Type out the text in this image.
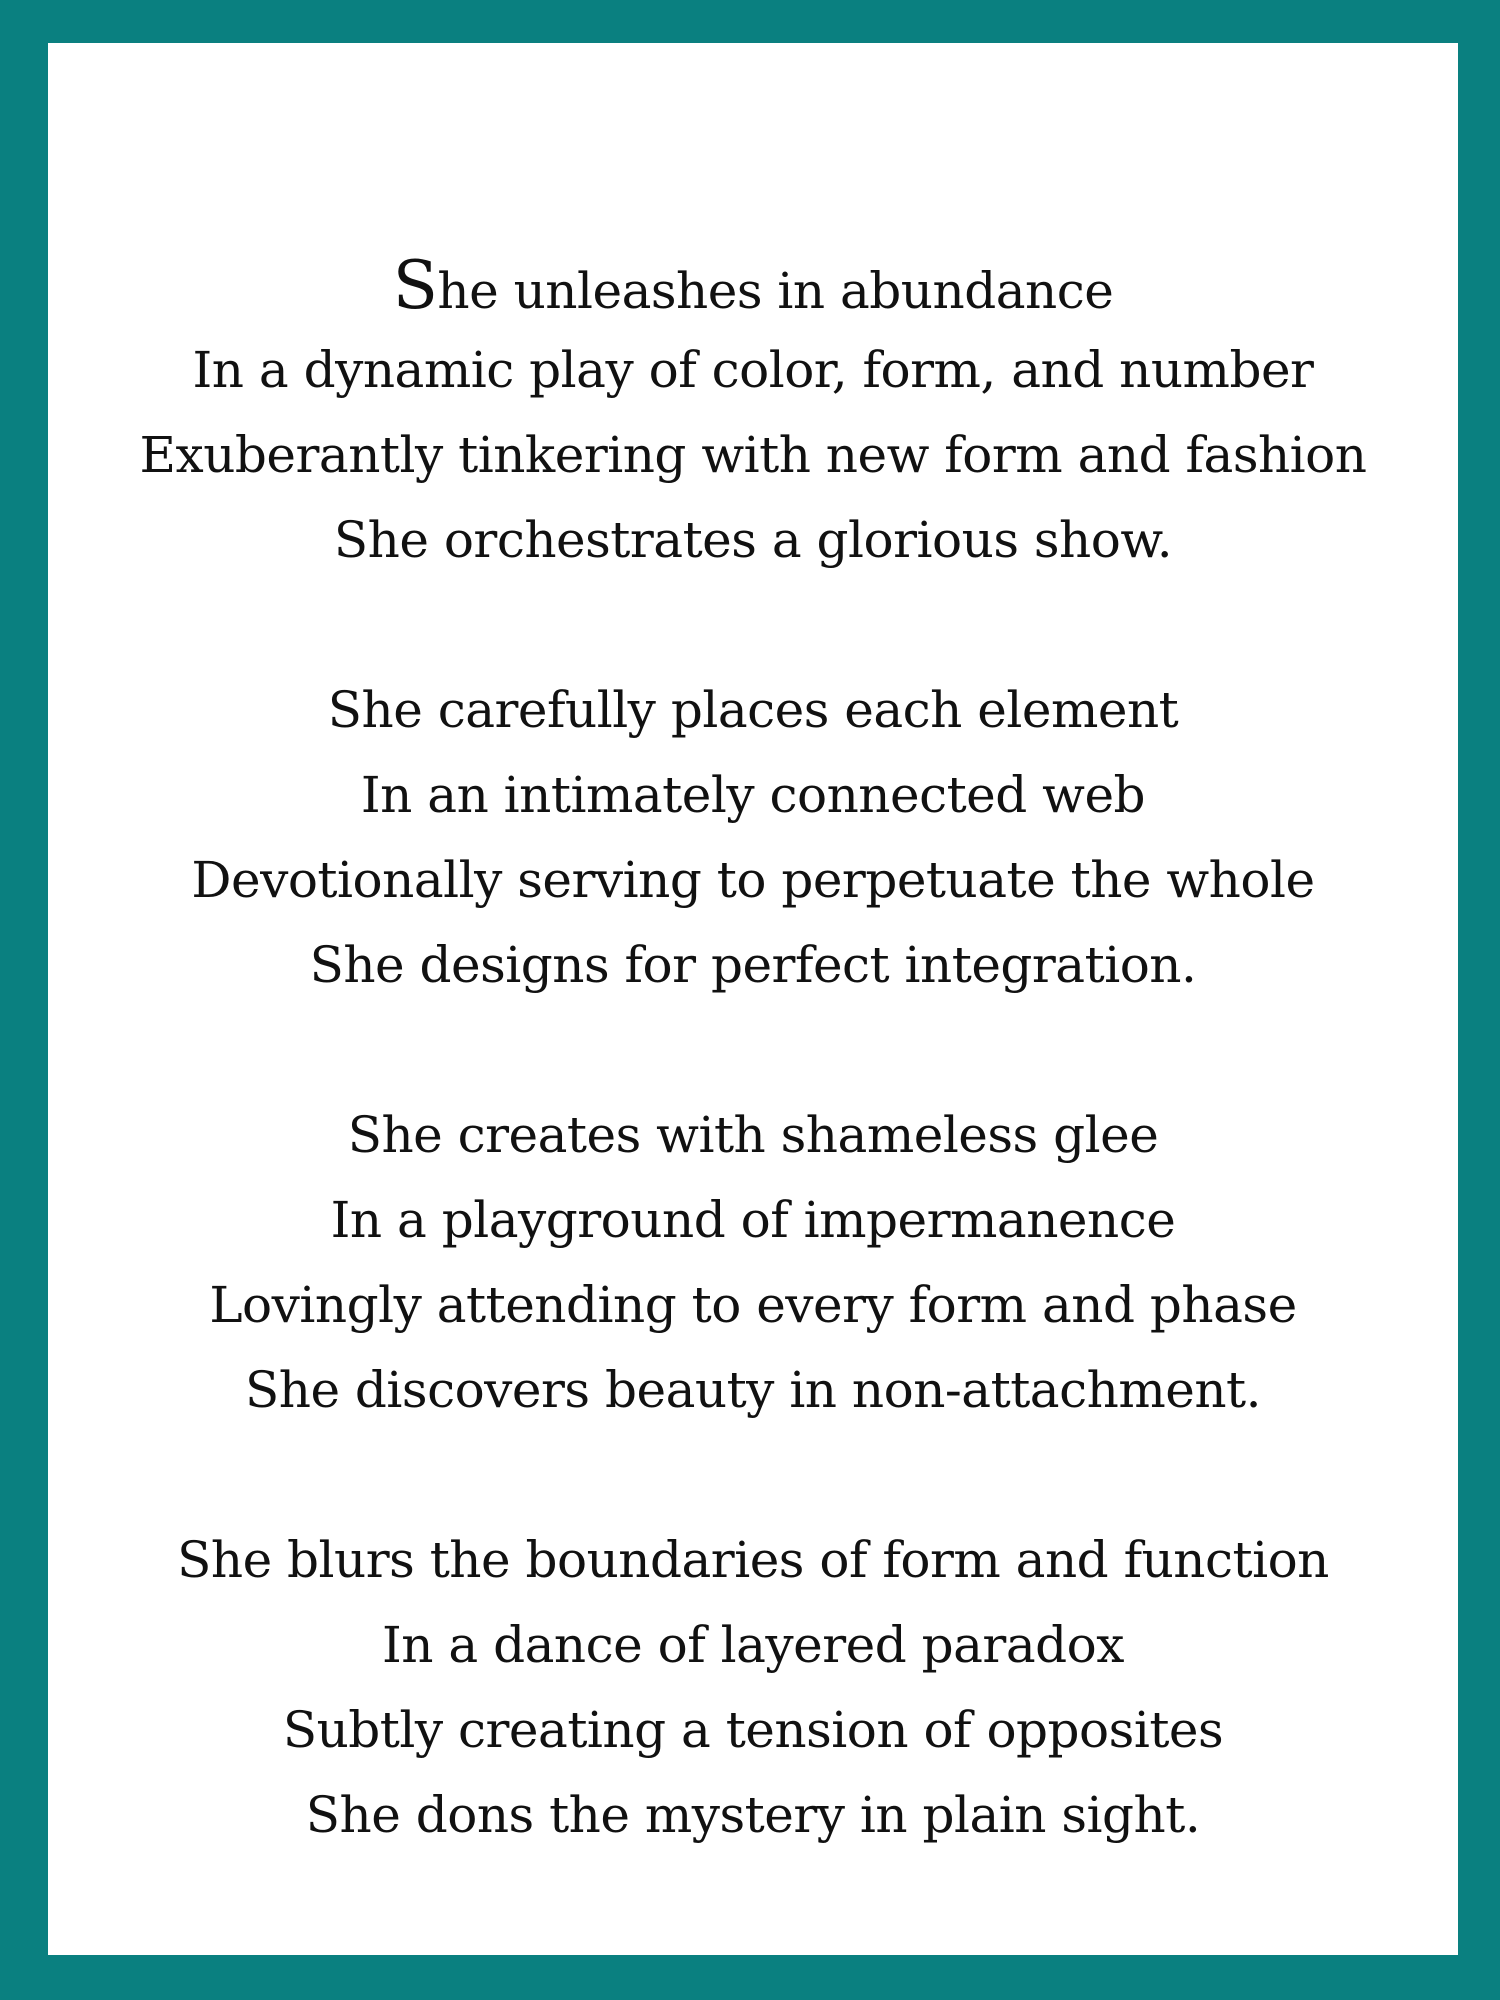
She unleashes in abundance
In a dynamic play of color, form, and number
Exuberantly tinkering with new form and fashion
She orchestrates a glorious show.
She carefully places each element
In an intimately connected web
Devotionally serving to perpetuate the whole
She designs for perfect integration.
She creates with shameless glee
In a playground of impermanence
Lovingly attending to every form and phase
She discovers beauty in non-attachment.
She blurs the boundaries of form and function
In a dance of layered paradox
Subtly creating a tension of opposites
She dons the mystery in plain sight.
